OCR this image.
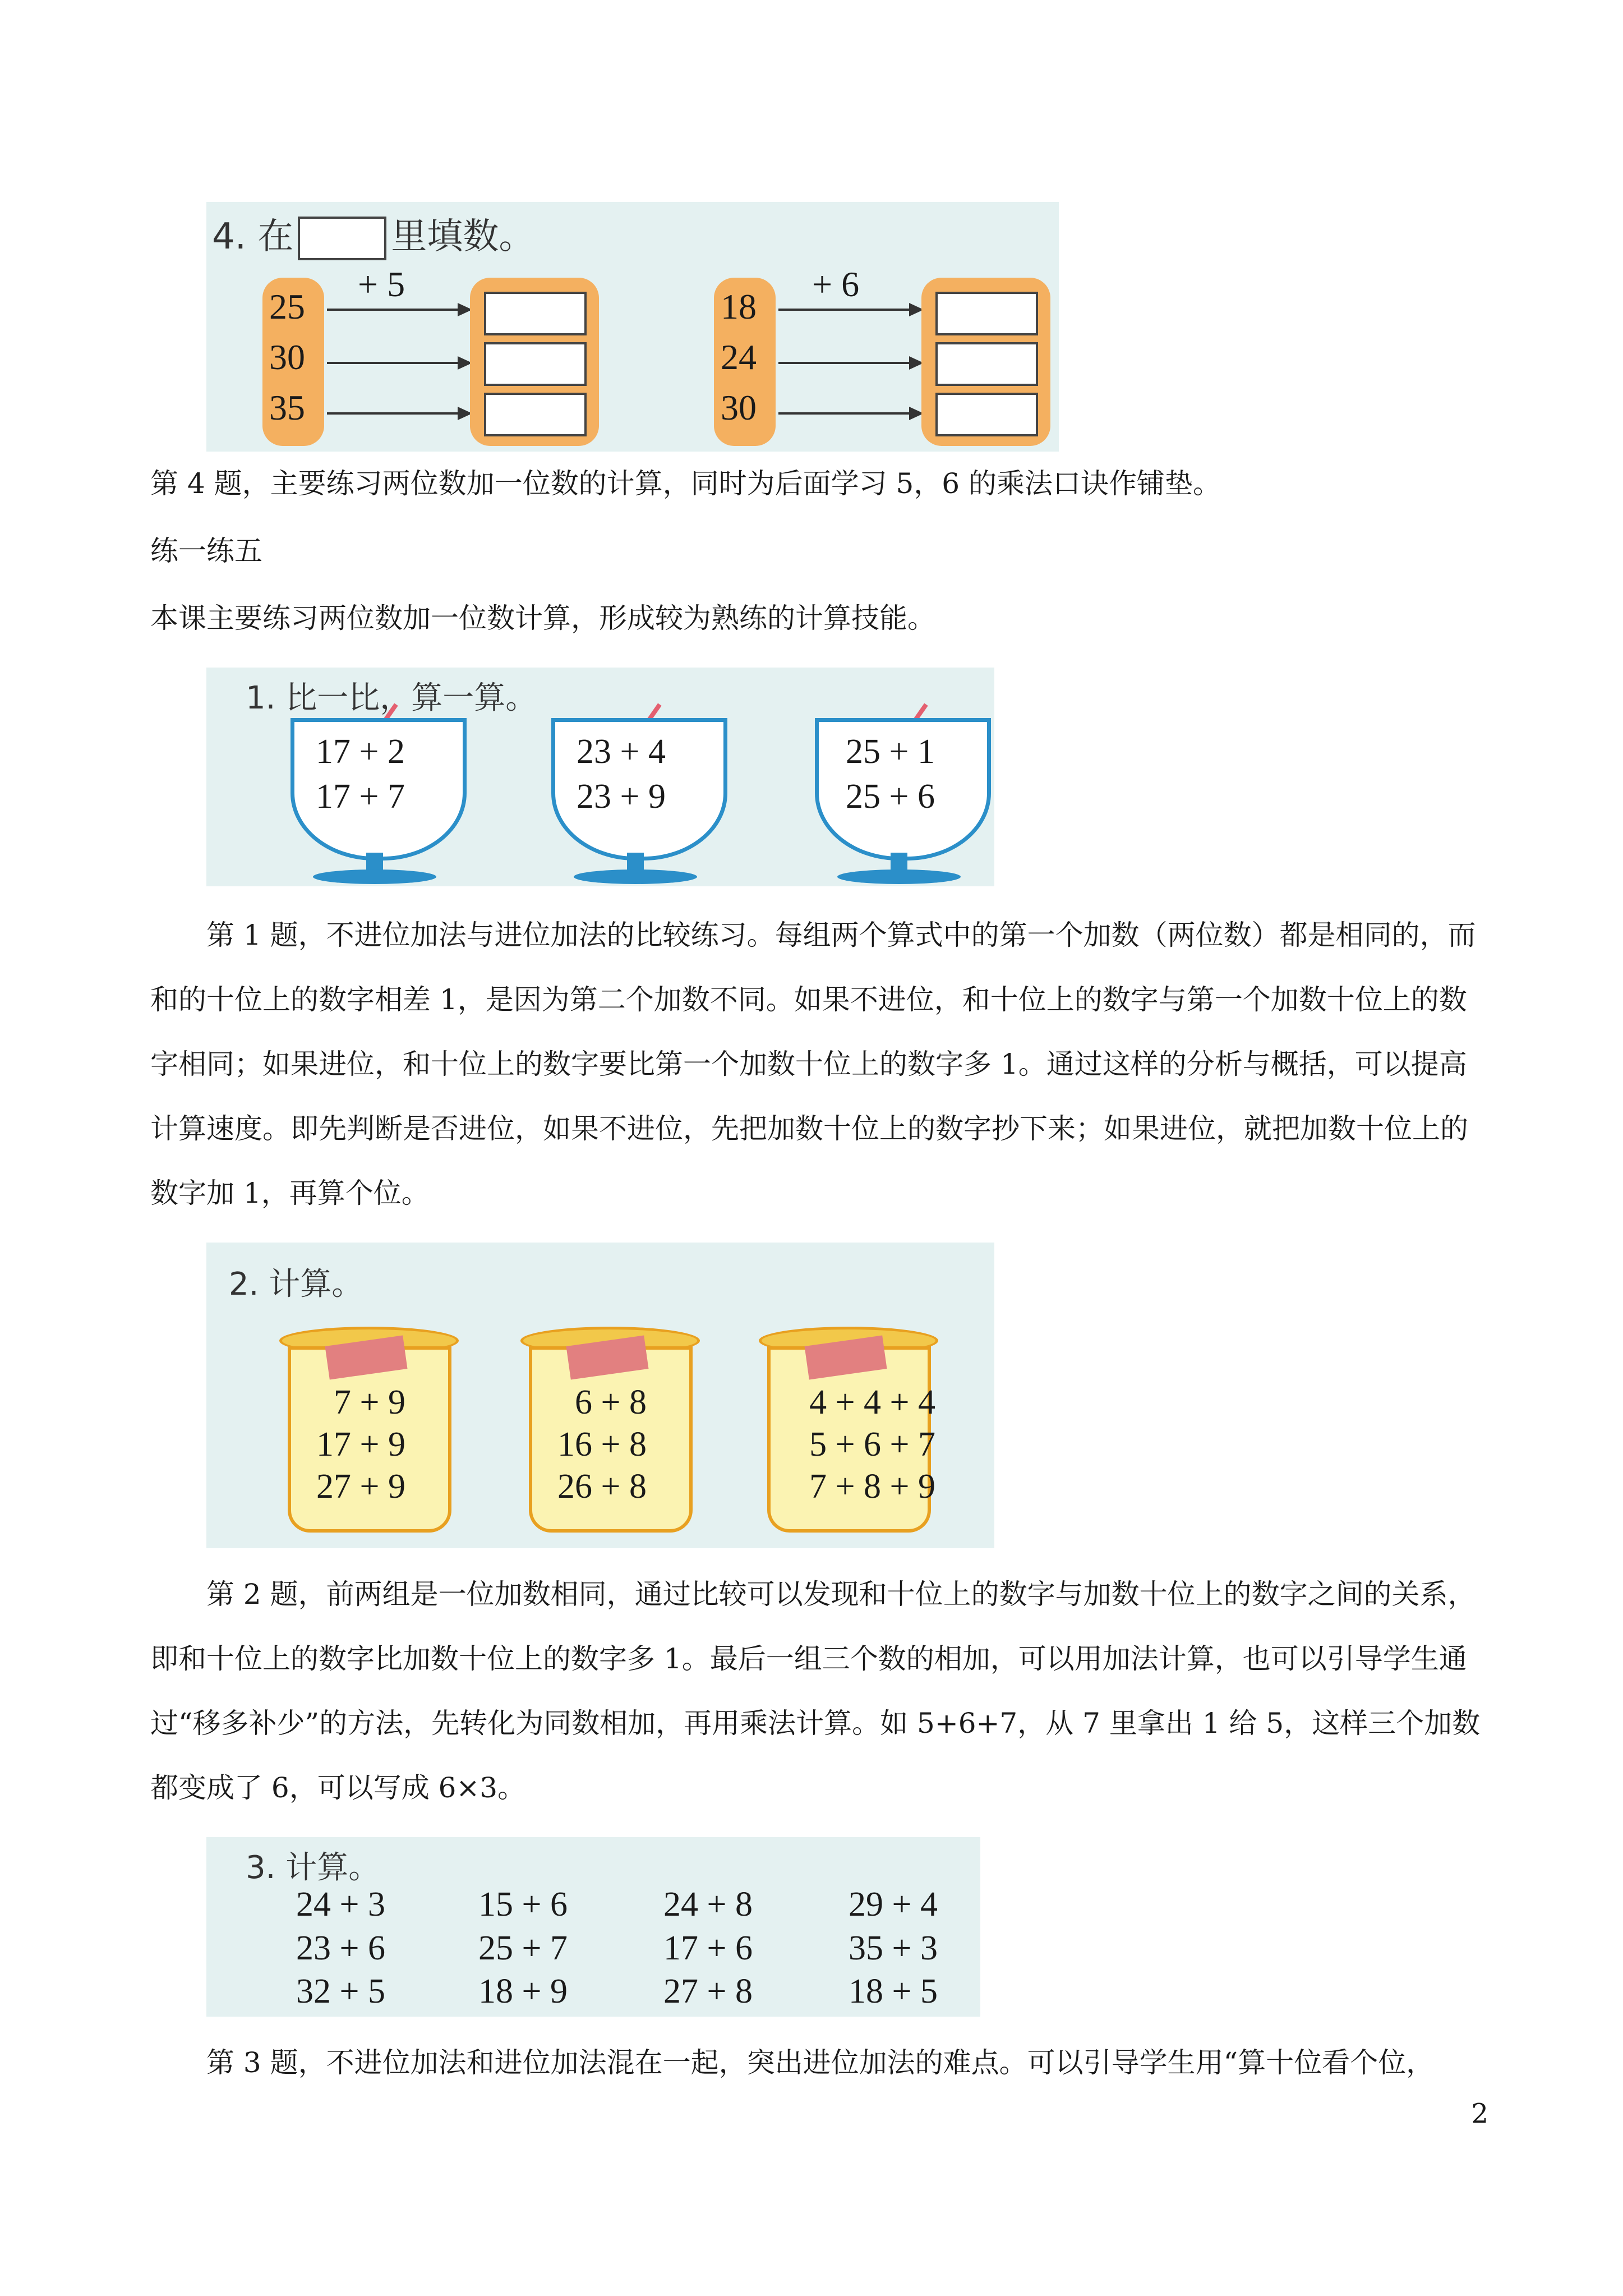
4. 在	里填数。
25
30
35
+ 5
18
24
30
+ 6

第 4 题，主要练习两位数加一位数的计算，同时为后面学习 5，6 的乘法口诀作铺垫。

练一练五

本课主要练习两位数加一位数计算，形成较为熟练的计算技能。

1. 比一比，算一算。
17 + 2
17 + 7
23 + 4
23 + 9
25 + 1
25 + 6

第 1 题，不进位加法与进位加法的比较练习。每组两个算式中的第一个加数（两位数）都是相同的，而和的十位上的数字相差 1，是因为第二个加数不同。如果不进位，和十位上的数字与第一个加数十位上的数字相同；如果进位，和十位上的数字要比第一个加数十位上的数字多 1。通过这样的分析与概括，可以提高计算速度。即先判断是否进位，如果不进位，先把加数十位上的数字抄下来；如果进位，就把加数十位上的数字加 1，再算个位。

2. 计算。
7 + 9
17 + 9
27 + 9
6 + 8
16 + 8
26 + 8
4 + 4 + 4
5 + 6 + 7
7 + 8 + 9

第 2 题，前两组是一位加数相同，通过比较可以发现和十位上的数字与加数十位上的数字之间的关系，即和十位上的数字比加数十位上的数字多 1。最后一组三个数的相加，可以用加法计算，也可以引导学生通过“移多补少”的方法，先转化为同数相加，再用乘法计算。如 5+6+7，从 7 里拿出 1 给 5，这样三个加数都变成了 6，可以写成 6×3。

3. 计算。
24 + 3
23 + 6
32 + 5
15 + 6
25 + 7
18 + 9
24 + 8
17 + 6
27 + 8
29 + 4
35 + 3
18 + 5

第 3 题，不进位加法和进位加法混在一起，突出进位加法的难点。可以引导学生用“算十位看个位，

2
